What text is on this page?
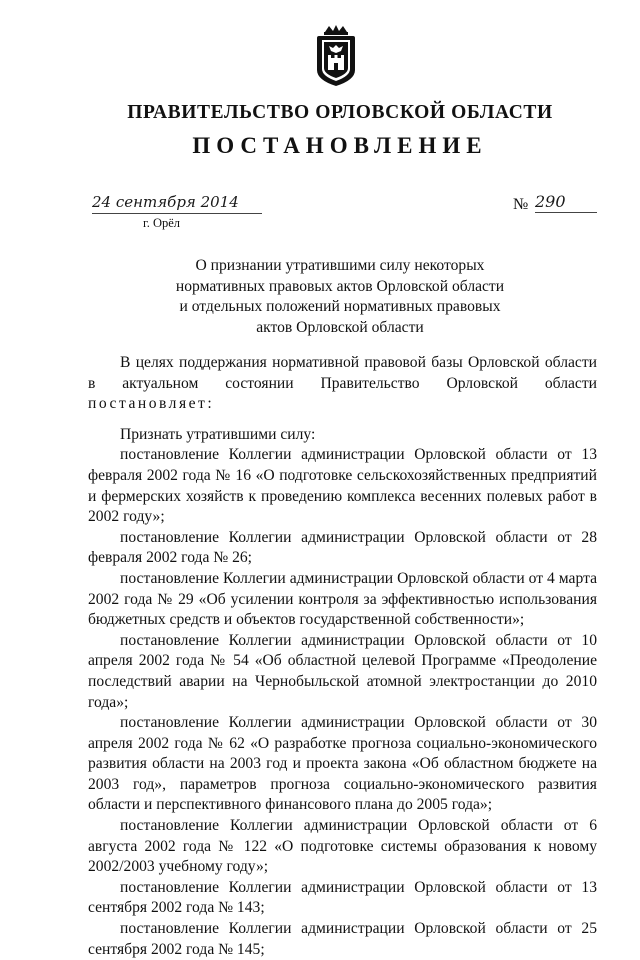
ПРАВИТЕЛЬСТВО ОРЛОВСКОЙ ОБЛАСТИ
ПОСТАНОВЛЕНИЕ
24 сентября 2014
г. Орёл
№ 290
О признании утратившими силу некоторых
нормативных правовых актов Орловской области
и отдельных положений нормативных правовых
актов Орловской области

В целях поддержания нормативной правовой базы Орловской области в актуальном состоянии Правительство Орловской области постановляет:

Признать утратившими силу:

постановление Коллегии администрации Орловской области от 13 февраля 2002 года № 16 «О подготовке сельскохозяйственных предприятий и фермерских хозяйств к проведению комплекса весенних полевых работ в 2002 году»;

постановление Коллегии администрации Орловской области от 28 февраля 2002 года № 26;

постановление Коллегии администрации Орловской области от 4 марта 2002 года № 29 «Об усилении контроля за эффективностью использования бюджетных средств и объектов государственной собственности»;

постановление Коллегии администрации Орловской области от 10 апреля 2002 года № 54 «Об областной целевой Программе «Преодоление последствий аварии на Чернобыльской атомной электростанции до 2010 года»;

постановление Коллегии администрации Орловской области от 30 апреля 2002 года № 62 «О разработке прогноза социально-экономического развития области на 2003 год и проекта закона «Об областном бюджете на 2003 год», параметров прогноза социально-экономического развития области и перспективного финансового плана до 2005 года»;

постановление Коллегии администрации Орловской области от 6 августа 2002 года № 122 «О подготовке системы образования к новому 2002/2003 учебному году»;

постановление Коллегии администрации Орловской области от 13 сентября 2002 года № 143;

постановление Коллегии администрации Орловской области от 25 сентября 2002 года № 145;
